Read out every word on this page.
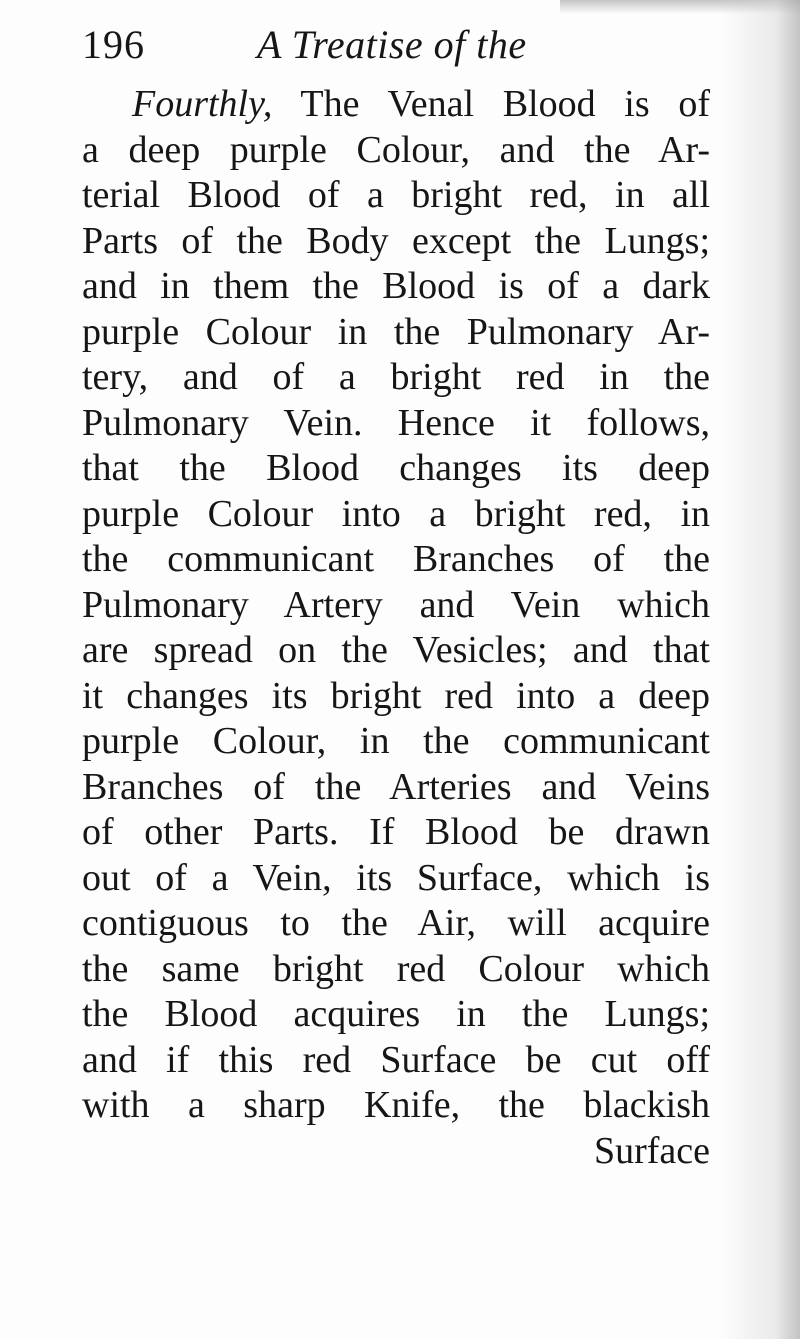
196	A Treatise of the
Fourthly, The Venal Blood is of
a deep purple Colour, and the Ar-
terial Blood of a bright red, in all
Parts of the Body except the Lungs;
and in them the Blood is of a dark
purple Colour in the Pulmonary Ar-
tery, and of a bright red in the
Pulmonary Vein. Hence it follows,
that the Blood changes its deep
purple Colour into a bright red, in
the communicant Branches of the
Pulmonary Artery and Vein which
are spread on the Vesicles; and that
it changes its bright red into a deep
purple Colour, in the communicant
Branches of the Arteries and Veins
of other Parts. If Blood be drawn
out of a Vein, its Surface, which is
contiguous to the Air, will acquire
the same bright red Colour which
the Blood acquires in the Lungs;
and if this red Surface be cut off
with a sharp Knife, the blackish
Surface
